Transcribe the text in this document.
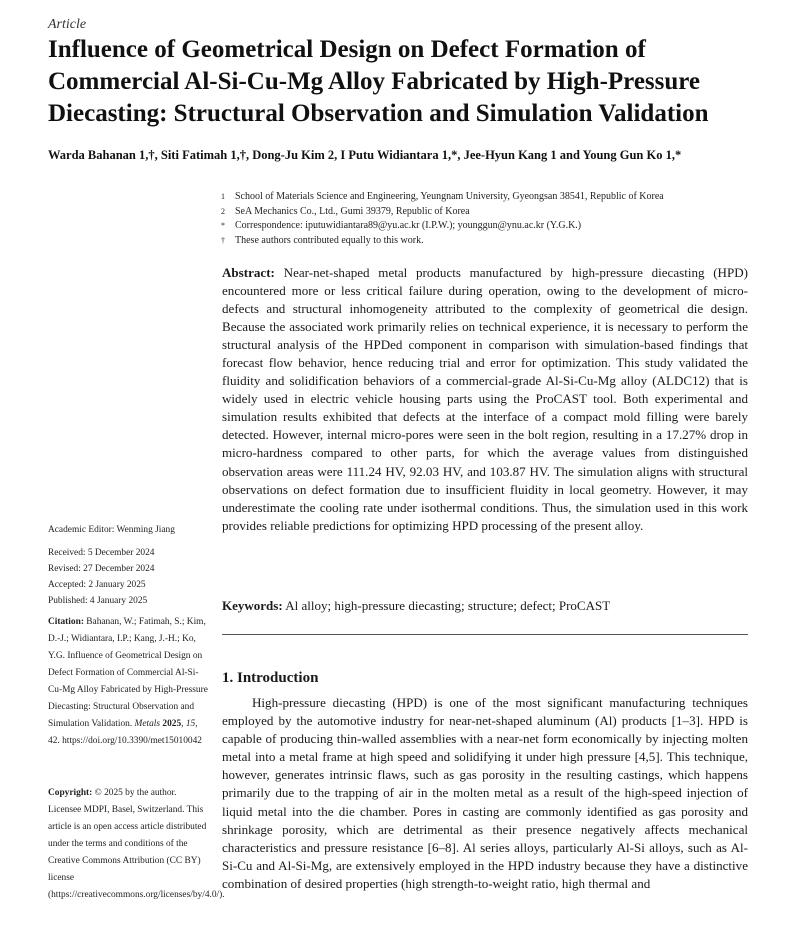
Article
Influence of Geometrical Design on Defect Formation of Commercial Al-Si-Cu-Mg Alloy Fabricated by High-Pressure Diecasting: Structural Observation and Simulation Validation
Warda Bahanan 1,†, Siti Fatimah 1,†, Dong-Ju Kim 2, I Putu Widiantara 1,*, Jee-Hyun Kang 1 and Young Gun Ko 1,*
1	School of Materials Science and Engineering, Yeungnam University, Gyeongsan 38541, Republic of Korea
2	SeA Mechanics Co., Ltd., Gumi 39379, Republic of Korea
*	Correspondence: iputuwidiantara89@yu.ac.kr (I.P.W.); younggun@ynu.ac.kr (Y.G.K.)
†	These authors contributed equally to this work.
Abstract: Near-net-shaped metal products manufactured by high-pressure diecasting (HPD) encountered more or less critical failure during operation, owing to the development of micro-defects and structural inhomogeneity attributed to the complexity of geometrical die design. Because the associated work primarily relies on technical experience, it is necessary to perform the structural analysis of the HPDed component in comparison with simulation-based findings that forecast flow behavior, hence reducing trial and error for optimization. This study validated the fluidity and solidification behaviors of a commercial-grade Al-Si-Cu-Mg alloy (ALDC12) that is widely used in electric vehicle housing parts using the ProCAST tool. Both experimental and simulation results exhibited that defects at the interface of a compact mold filling were barely detected. However, internal micro-pores were seen in the bolt region, resulting in a 17.27% drop in micro-hardness compared to other parts, for which the average values from distinguished observation areas were 111.24 HV, 92.03 HV, and 103.87 HV. The simulation aligns with structural observations on defect formation due to insufficient fluidity in local geometry. However, it may underestimate the cooling rate under isothermal conditions. Thus, the simulation used in this work provides reliable predictions for optimizing HPD processing of the present alloy.
Keywords: Al alloy; high-pressure diecasting; structure; defect; ProCAST
1. Introduction
High-pressure diecasting (HPD) is one of the most significant manufacturing techniques employed by the automotive industry for near-net-shaped aluminum (Al) products [1–3]. HPD is capable of producing thin-walled assemblies with a near-net form economically by injecting molten metal into a metal frame at high speed and solidifying it under high pressure [4,5]. This technique, however, generates intrinsic flaws, such as gas porosity in the resulting castings, which happens primarily due to the trapping of air in the molten metal as a result of the high-speed injection of liquid metal into the die chamber. Pores in casting are commonly identified as gas porosity and shrinkage porosity, which are detrimental as their presence negatively affects mechanical characteristics and pressure resistance [6–8]. Al series alloys, particularly Al-Si alloys, such as Al-Si-Cu and Al-Si-Mg, are extensively employed in the HPD industry because they have a distinctive combination of desired properties (high strength-to-weight ratio, high thermal and
Academic Editor: Wenming Jiang
Received: 5 December 2024
Revised: 27 December 2024
Accepted: 2 January 2025
Published: 4 January 2025
Citation: Bahanan, W.; Fatimah, S.; Kim, D.-J.; Widiantara, I.P.; Kang, J.-H.; Ko, Y.G. Influence of Geometrical Design on Defect Formation of Commercial Al-Si-Cu-Mg Alloy Fabricated by High-Pressure Diecasting: Structural Observation and Simulation Validation. Metals 2025, 15, 42. https://doi.org/10.3390/met15010042
Copyright: © 2025 by the author. Licensee MDPI, Basel, Switzerland. This article is an open access article distributed under the terms and conditions of the Creative Commons Attribution (CC BY) license (https://creativecommons.org/licenses/by/4.0/).
